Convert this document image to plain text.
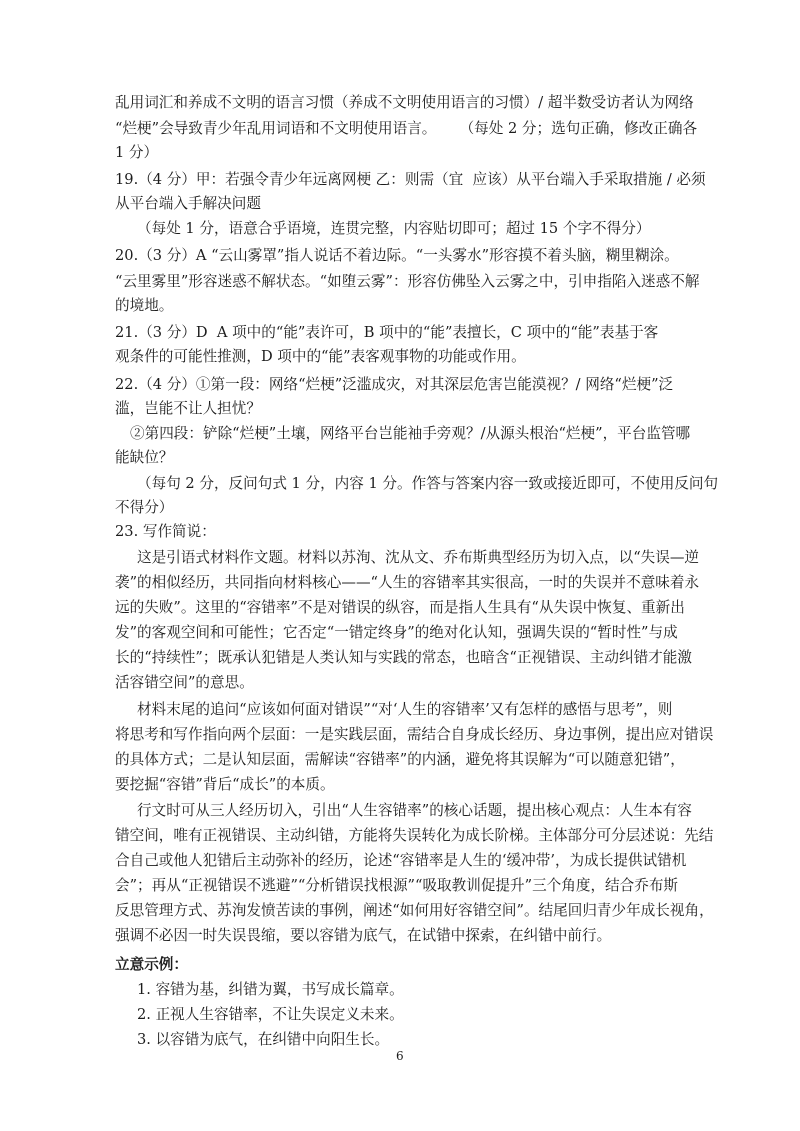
乱用词汇和养成不文明的语言习惯（养成不文明使用语言的习惯）/ 超半数受访者认为网络
“烂梗”会导致青少年乱用词语和不文明使用语言。     （每处 2 分；选句正确，修改正确各
1 分）
19.（4 分）甲：若强令青少年远离网梗 乙：则需（宜  应该）从平台端入手采取措施 / 必须
从平台端入手解决问题
（每处 1 分，语意合乎语境，连贯完整，内容贴切即可；超过 15 个字不得分）
20.（3 分）A “云山雾罩”指人说话不着边际。“一头雾水”形容摸不着头脑，糊里糊涂。
“云里雾里”形容迷惑不解状态。“如堕云雾”：形容仿佛坠入云雾之中，引申指陷入迷惑不解
的境地。
21.（3 分）D  A 项中的“能”表许可，B 项中的“能”表擅长，C 项中的“能”表基于客
观条件的可能性推测，D 项中的“能”表客观事物的功能或作用。
22.（4 分）①第一段：网络“烂梗”泛滥成灾，对其深层危害岂能漠视？/ 网络“烂梗”泛
滥，岂能不让人担忧？
②第四段：铲除“烂梗”土壤，网络平台岂能袖手旁观？/从源头根治“烂梗”，平台监管哪
能缺位？
（每句 2 分，反问句式 1 分，内容 1 分。作答与答案内容一致或接近即可，不使用反问句
不得分）
23. 写作简说：
这是引语式材料作文题。材料以苏洵、沈从文、乔布斯典型经历为切入点，以“失误—逆
袭”的相似经历，共同指向材料核心——“人生的容错率其实很高，一时的失误并不意味着永
远的失败”。这里的“容错率”不是对错误的纵容，而是指人生具有“从失误中恢复、重新出
发”的客观空间和可能性；它否定“一错定终身”的绝对化认知，强调失误的“暂时性”与成
长的“持续性”；既承认犯错是人类认知与实践的常态，也暗含“正视错误、主动纠错才能激
活容错空间”的意思。
材料末尾的追问“应该如何面对错误”“对‘人生的容错率’又有怎样的感悟与思考”，则
将思考和写作指向两个层面：一是实践层面，需结合自身成长经历、身边事例，提出应对错误
的具体方式；二是认知层面，需解读“容错率”的内涵，避免将其误解为“可以随意犯错”，
要挖掘“容错”背后“成长”的本质。
行文时可从三人经历切入，引出“人生容错率”的核心话题，提出核心观点：人生本有容
错空间，唯有正视错误、主动纠错，方能将失误转化为成长阶梯。主体部分可分层述说：先结
合自己或他人犯错后主动弥补的经历，论述“容错率是人生的‘缓冲带’，为成长提供试错机
会”；再从“正视错误不逃避”“分析错误找根源”“吸取教训促提升”三个角度，结合乔布斯
反思管理方式、苏洵发愤苦读的事例，阐述“如何用好容错空间”。结尾回归青少年成长视角，
强调不必因一时失误畏缩，要以容错为底气，在试错中探索，在纠错中前行。
立意示例：
1. 容错为基，纠错为翼，书写成长篇章。
2. 正视人生容错率，不让失误定义未来。
3. 以容错为底气，在纠错中向阳生长。
6
